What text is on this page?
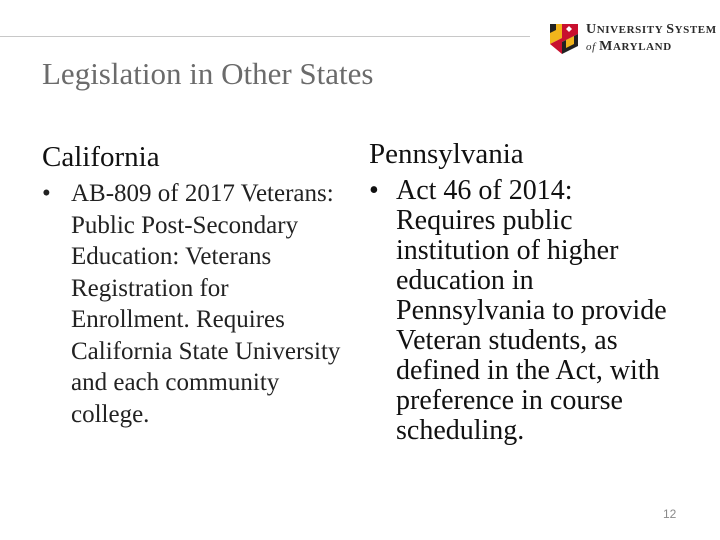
UNIVERSITY SYSTEM
of MARYLAND
Legislation in Other States
California
• AB-809 of 2017 Veterans: Public Post-Secondary Education: Veterans Registration for Enrollment. Requires California State University and each community college.
Pennsylvania
• Act 46 of 2014: Requires public institution of higher education in Pennsylvania to provide Veteran students, as defined in the Act, with preference in course scheduling.
12
